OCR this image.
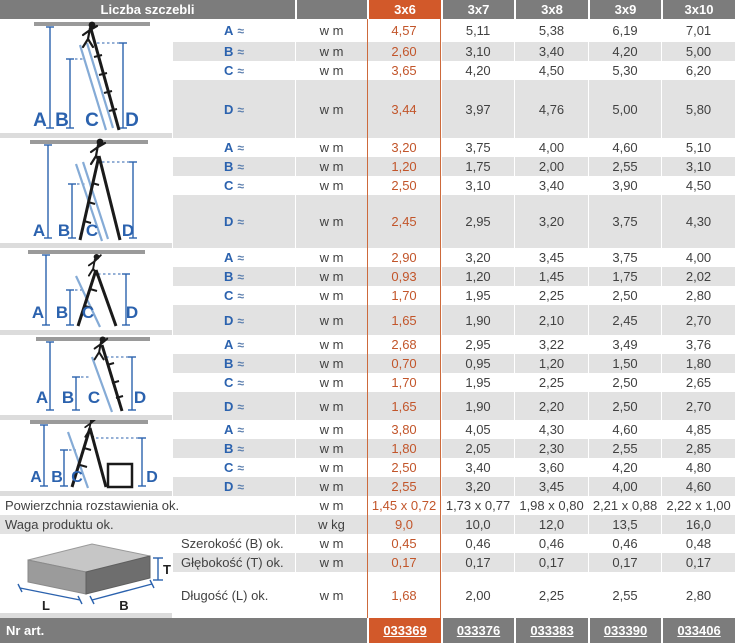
Liczba szczebli			3x6	3x7	3x8	3x9	3x10

A B C D	A ≈	w m	4,57	5,11	5,38	6,19	7,01
	B ≈	w m	2,60	3,10	3,40	4,20	5,00
	C ≈	w m	3,65	4,20	4,50	5,30	6,20
	D ≈	w m	3,44	3,97	4,76	5,00	5,80

A B C D	A ≈	w m	3,20	3,75	4,00	4,60	5,10
	B ≈	w m	1,20	1,75	2,00	2,55	3,10
	C ≈	w m	2,50	3,10	3,40	3,90	4,50
	D ≈	w m	2,45	2,95	3,20	3,75	4,30

A B C D	A ≈	w m	2,90	3,20	3,45	3,75	4,00
	B ≈	w m	0,93	1,20	1,45	1,75	2,02
	C ≈	w m	1,70	1,95	2,25	2,50	2,80
	D ≈	w m	1,65	1,90	2,10	2,45	2,70

A B C D	A ≈	w m	2,68	2,95	3,22	3,49	3,76
	B ≈	w m	0,70	0,95	1,20	1,50	1,80
	C ≈	w m	1,70	1,95	2,25	2,50	2,65
	D ≈	w m	1,65	1,90	2,20	2,50	2,70

A B C D	A ≈	w m	3,80	4,05	4,30	4,60	4,85
	B ≈	w m	1,80	2,05	2,30	2,55	2,85
	C ≈	w m	2,50	3,40	3,60	4,20	4,80
	D ≈	w m	2,55	3,20	3,45	4,00	4,60
Powierzchnia rozstawienia ok.		w m	1,45 x 0,72	1,73 x 0,77	1,98 x 0,80	2,21 x 0,88	2,22 x 1,00
Waga produktu ok.		w kg	9,0	10,0	12,0	13,5	16,0

L B
T	Szerokość (B) ok.	w m	0,45	0,46	0,46	0,46	0,48
	Głębokość (T) ok.	w m	0,17	0,17	0,17	0,17	0,17
	Długość (L) ok.	w m	1,68	2,00	2,25	2,55	2,80
Nr art.			033369	033376	033383	033390	033406
